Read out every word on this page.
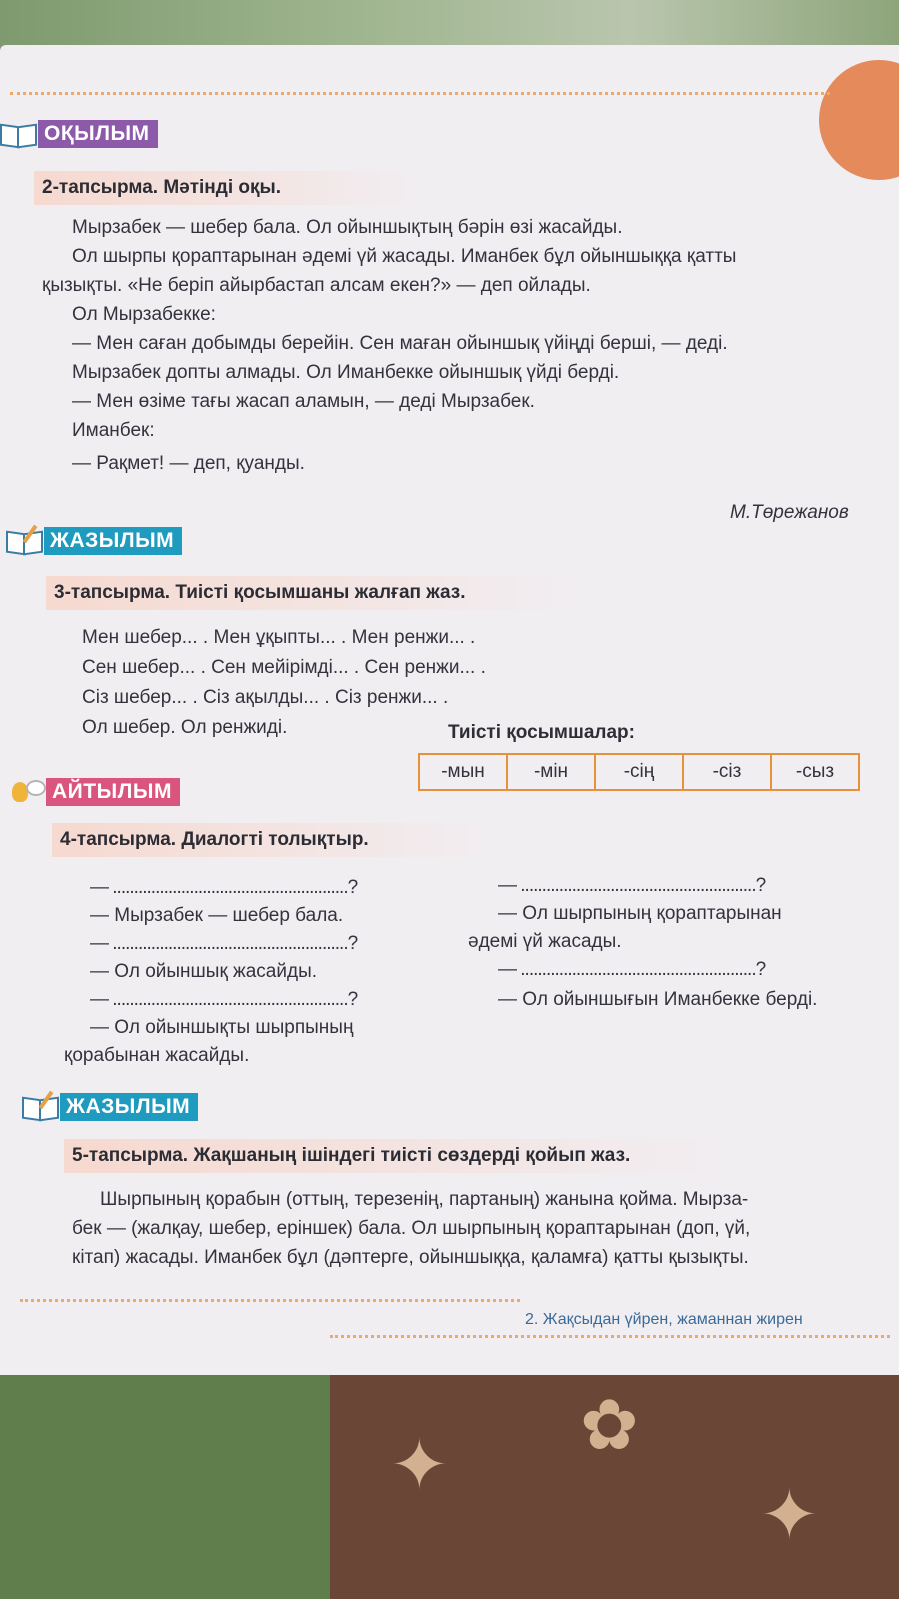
✦ ✿
✦
ОҚЫЛЫМ
2-тапсырма. Мәтінді оқы.
Мырзабек — шебер бала. Ол ойыншықтың бәрін өзі жасайды.
Ол шырпы қораптарынан әдемі үй жасады. Иманбек бұл ойыншыққа қатты
қызықты. «Не беріп айырбастап алсам екен?» — деп ойлады.
Ол Мырзабекке:
— Мен саған добымды берейін. Сен маған ойыншық үйіңді берші, — деді.
Мырзабек допты алмады. Ол Иманбекке ойыншық үйді берді.
— Мен өзіме тағы жасап аламын, — деді Мырзабек.
Иманбек:
— Рақмет! — деп, қуанды.
М.Төрежанов
ЖАЗЫЛЫМ
3-тапсырма. Тиісті қосымшаны жалғап жаз.
Мен шебер... . Мен ұқыпты... . Мен ренжи... .
Сен шебер... . Сен мейірімді... . Сен ренжи... .
Сіз шебер... . Сіз ақылды... . Сіз ренжи... .
Ол шебер. Ол ренжиді.	Тиісті қосымшалар:
-мын	-мін	-сің	-сіз	-сыз
АЙТЫЛЫМ
4-тапсырма. Диалогті толықтыр.
— .......................................................?
— Мырзабек — шебер бала.
— .......................................................?
— Ол ойыншық жасайды.
— .......................................................?
— Ол ойыншықты шырпының
қорабынан жасайды.
— .......................................................?
— Ол шырпының қораптарынан
әдемі үй жасады.
— .......................................................?
— Ол ойыншығын Иманбекке берді.
ЖАЗЫЛЫМ
5-тапсырма. Жақшаның ішіндегі тиісті сөздерді қойып жаз.
Шырпының қорабын (оттың, терезенің, партаның) жанына қойма. Мырза-
бек — (жалқау, шебер, еріншек) бала. Ол шырпының қораптарынан (доп, үй,
кітап) жасады. Иманбек бұл (дәптерге, ойыншыққа, қаламға) қатты қызықты.
2. Жақсыдан үйрен, жаманнан жирен
